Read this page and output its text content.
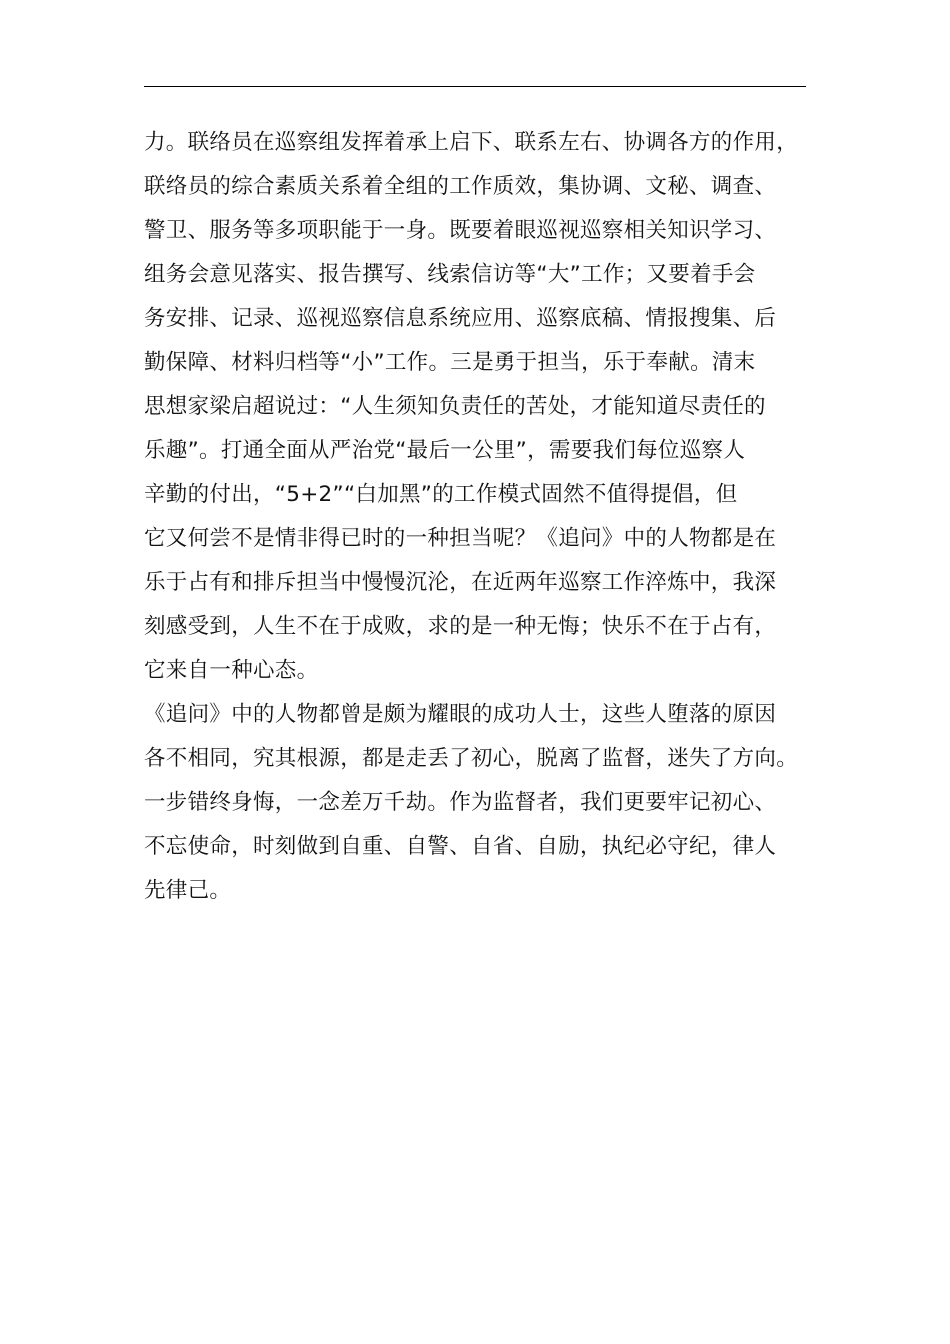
力。联络员在巡察组发挥着承上启下、联系左右、协调各方的作用，
联络员的综合素质关系着全组的工作质效，集协调、文秘、调查、
警卫、服务等多项职能于一身。既要着眼巡视巡察相关知识学习、
组务会意见落实、报告撰写、线索信访等“大”工作；又要着手会
务安排、记录、巡视巡察信息系统应用、巡察底稿、情报搜集、后
勤保障、材料归档等“小”工作。三是勇于担当，乐于奉献。清末
思想家梁启超说过：“人生须知负责任的苦处，才能知道尽责任的
乐趣”。打通全面从严治党“最后一公里”，需要我们每位巡察人
辛勤的付出，“5+2”“白加黑”的工作模式固然不值得提倡，但
它又何尝不是情非得已时的一种担当呢？《追问》中的人物都是在
乐于占有和排斥担当中慢慢沉沦，在近两年巡察工作淬炼中，我深
刻感受到，人生不在于成败，求的是一种无悔；快乐不在于占有，
它来自一种心态。
《追问》中的人物都曾是颇为耀眼的成功人士，这些人堕落的原因
各不相同，究其根源，都是走丢了初心，脱离了监督，迷失了方向。
一步错终身悔，一念差万千劫。作为监督者，我们更要牢记初心、
不忘使命，时刻做到自重、自警、自省、自励，执纪必守纪，律人
先律己。
